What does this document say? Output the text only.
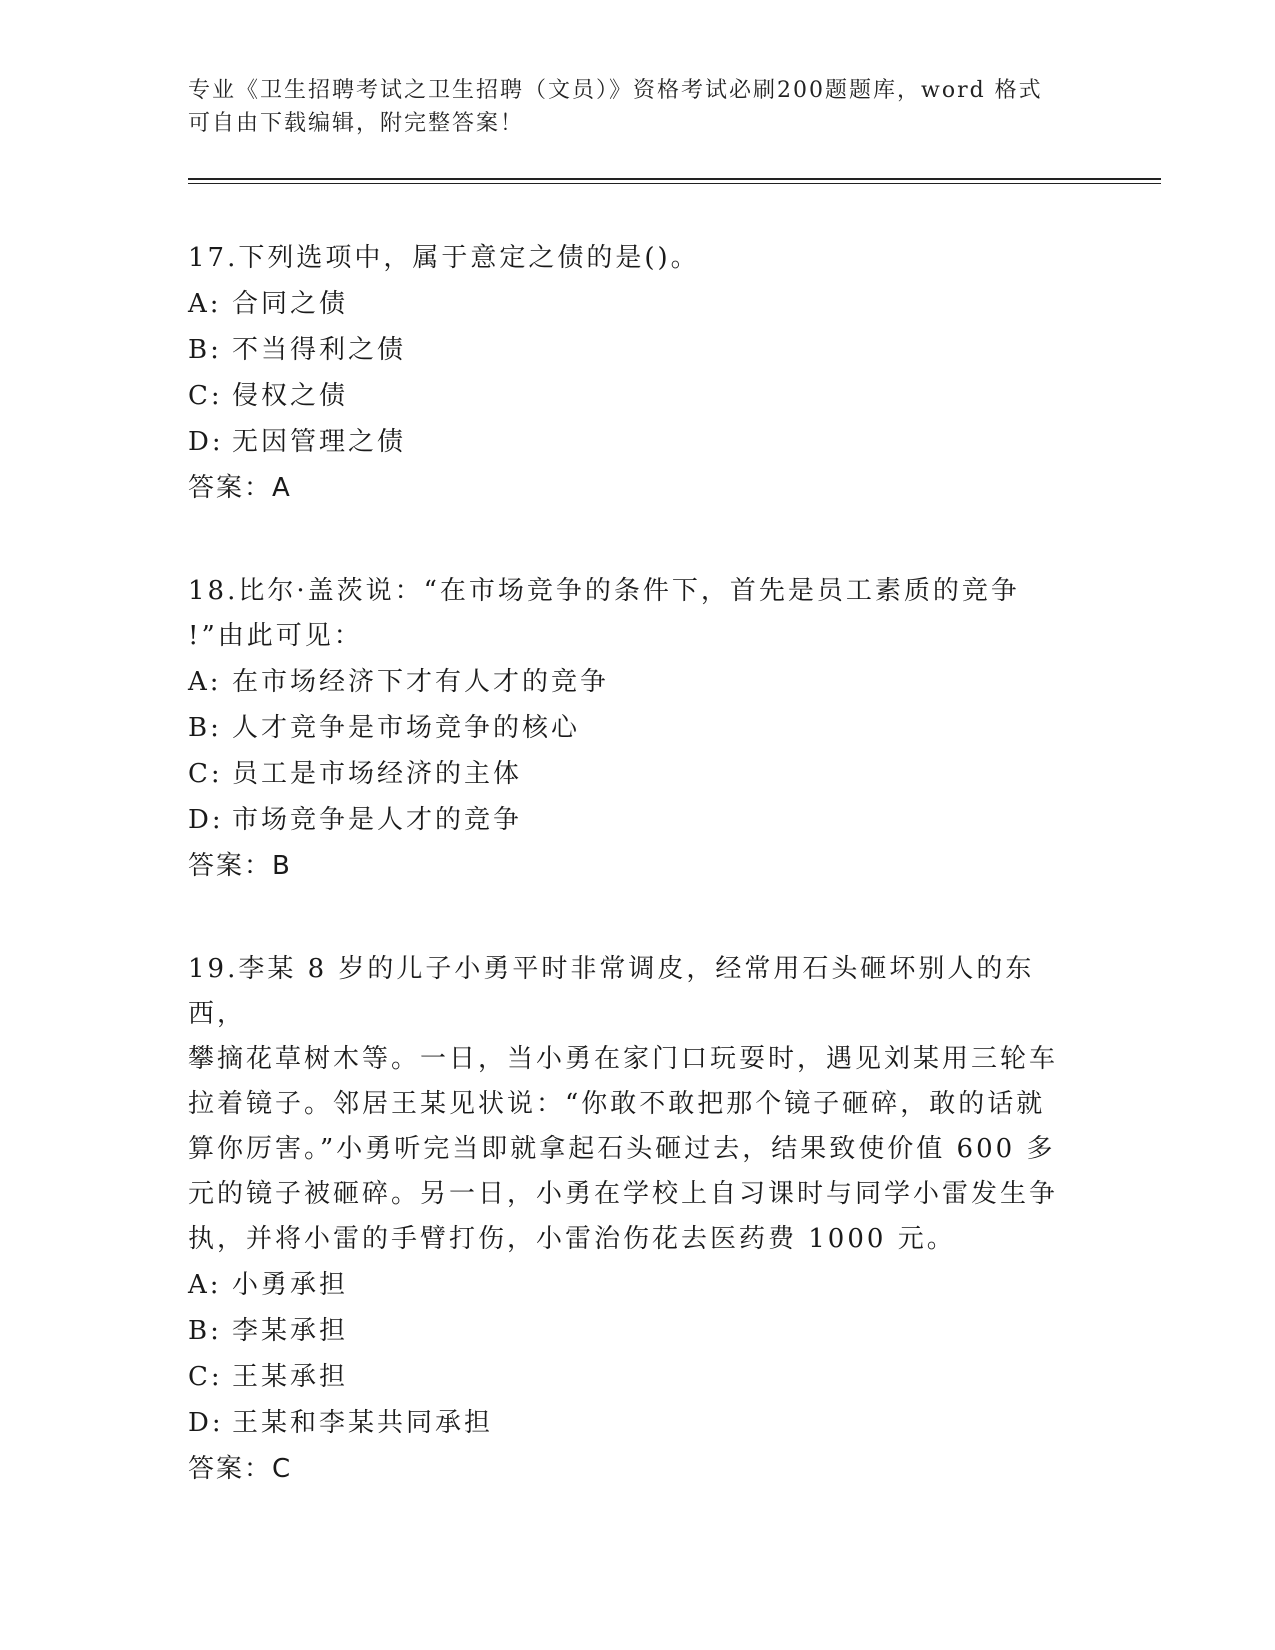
专业《卫生招聘考试之卫生招聘（文员）》资格考试必刷200题题库，word 格式
可自由下载编辑，附完整答案！

17.下列选项中，属于意定之债的是()。

A: 合同之债

B: 不当得利之债

C: 侵权之债

D: 无因管理之债

答案：A

18.比尔·盖茨说：“在市场竞争的条件下，首先是员工素质的竞争

!”由此可见：

A: 在市场经济下才有人才的竞争

B: 人才竞争是市场竞争的核心

C: 员工是市场经济的主体

D: 市场竞争是人才的竞争

答案：B

19.李某 8 岁的儿子小勇平时非常调皮，经常用石头砸坏别人的东西，

攀摘花草树木等。一日，当小勇在家门口玩耍时，遇见刘某用三轮车

拉着镜子。邻居王某见状说：“你敢不敢把那个镜子砸碎，敢的话就

算你厉害。”小勇听完当即就拿起石头砸过去，结果致使价值 600 多

元的镜子被砸碎。另一日，小勇在学校上自习课时与同学小雷发生争

执，并将小雷的手臂打伤，小雷治伤花去医药费 1000 元。

A: 小勇承担

B: 李某承担

C: 王某承担

D: 王某和李某共同承担

答案：C
